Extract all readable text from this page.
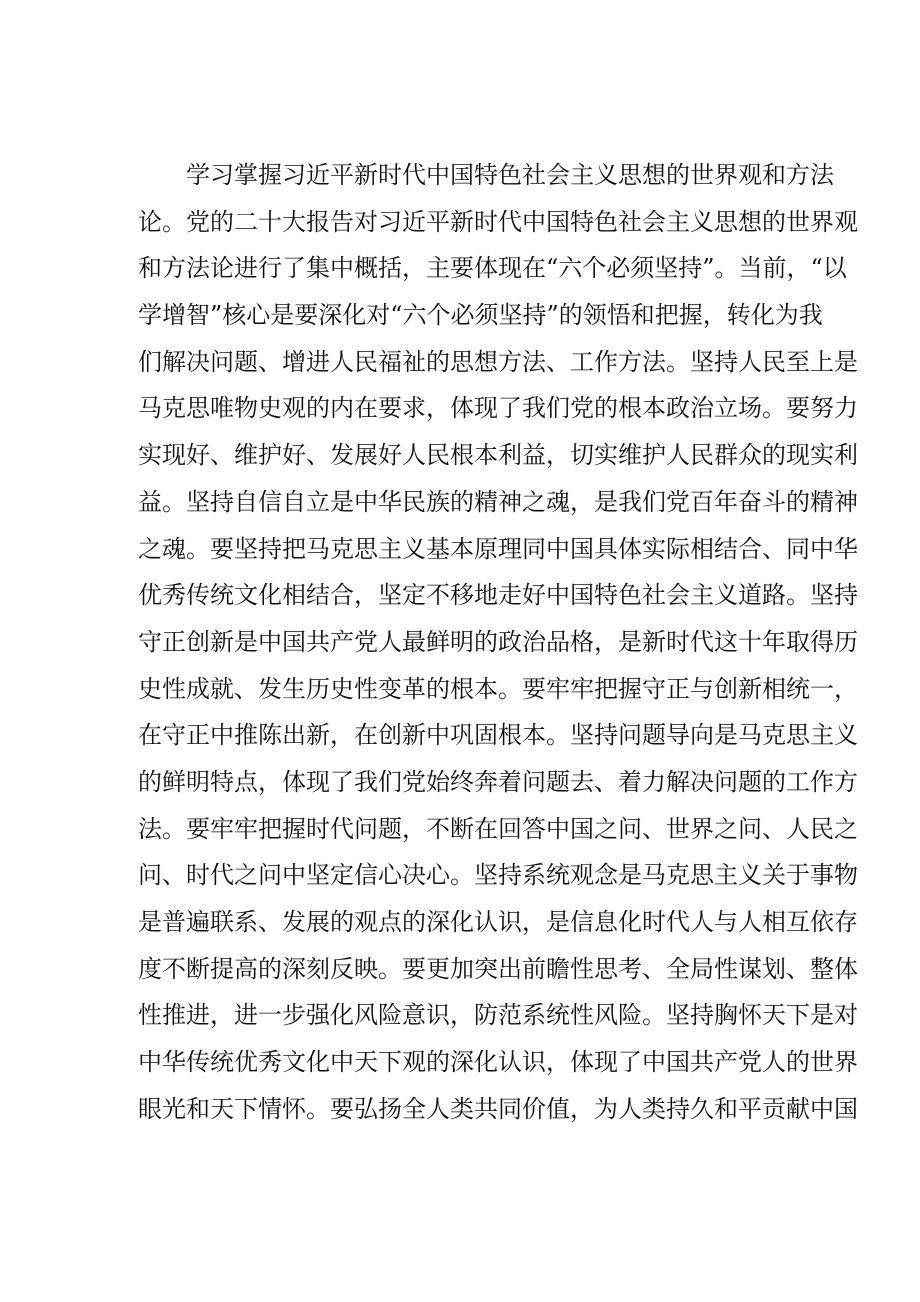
学习掌握习近平新时代中国特色社会主义思想的世界观和方法
论。党的二十大报告对习近平新时代中国特色社会主义思想的世界观
和方法论进行了集中概括，主要体现在“六个必须坚持”。当前，“以
学增智”核心是要深化对“六个必须坚持”的领悟和把握，转化为我
们解决问题、增进人民福祉的思想方法、工作方法。坚持人民至上是
马克思唯物史观的内在要求，体现了我们党的根本政治立场。要努力
实现好、维护好、发展好人民根本利益，切实维护人民群众的现实利
益。坚持自信自立是中华民族的精神之魂，是我们党百年奋斗的精神
之魂。要坚持把马克思主义基本原理同中国具体实际相结合、同中华
优秀传统文化相结合，坚定不移地走好中国特色社会主义道路。坚持
守正创新是中国共产党人最鲜明的政治品格，是新时代这十年取得历
史性成就、发生历史性变革的根本。要牢牢把握守正与创新相统一，
在守正中推陈出新，在创新中巩固根本。坚持问题导向是马克思主义
的鲜明特点，体现了我们党始终奔着问题去、着力解决问题的工作方
法。要牢牢把握时代问题，不断在回答中国之问、世界之问、人民之
问、时代之问中坚定信心决心。坚持系统观念是马克思主义关于事物
是普遍联系、发展的观点的深化认识，是信息化时代人与人相互依存
度不断提高的深刻反映。要更加突出前瞻性思考、全局性谋划、整体
性推进，进一步强化风险意识，防范系统性风险。坚持胸怀天下是对
中华传统优秀文化中天下观的深化认识，体现了中国共产党人的世界
眼光和天下情怀。要弘扬全人类共同价值，为人类持久和平贡献中国
